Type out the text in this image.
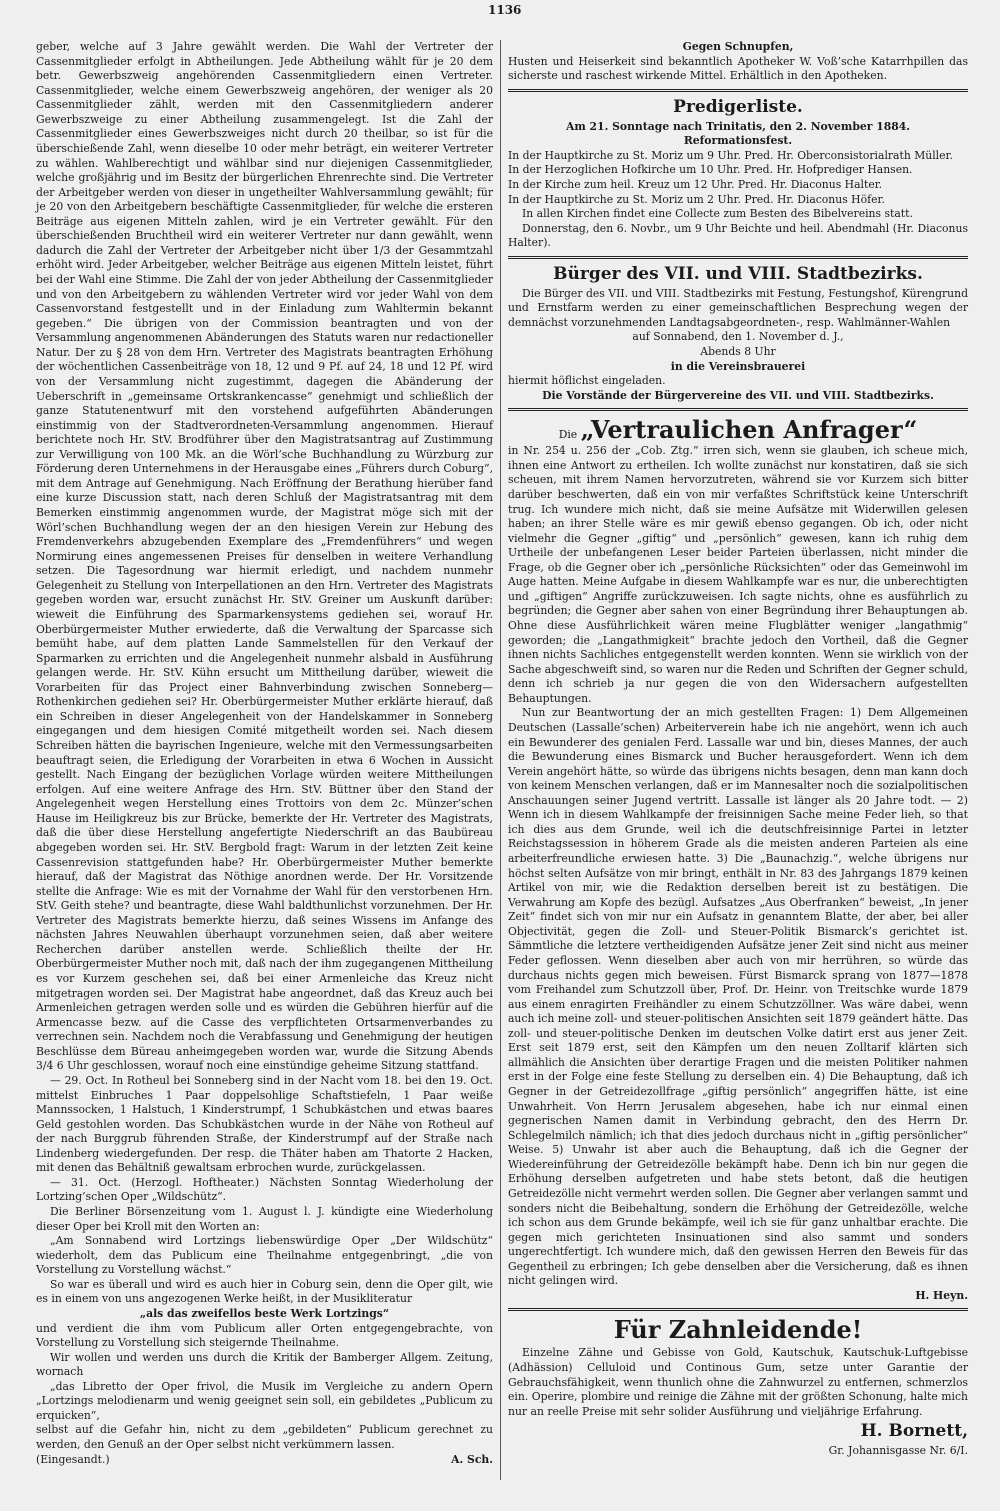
1136

geber, welche auf 3 Jahre gewählt werden. Die Wahl der Vertreter der Cassenmitglieder erfolgt in Abtheilungen. Jede Abtheilung wählt für je 20 dem betr. Gewerbszweig angehörenden Cassenmitgliedern einen Vertreter. Cassenmitglieder, welche einem Gewerbszweig angehören, der weniger als 20 Cassenmitglieder zählt, werden mit den Cassenmitgliedern anderer Gewerbszweige zu einer Abtheilung zusammengelegt. Ist die Zahl der Cassenmitglieder eines Gewerbszweiges nicht durch 20 theilbar, so ist für die überschießende Zahl, wenn dieselbe 10 oder mehr beträgt, ein weiterer Vertreter zu wählen. Wahlberechtigt und wählbar sind nur diejenigen Cassenmitglieder, welche großjährig und im Besitz der bürgerlichen Ehrenrechte sind. Die Vertreter der Arbeitgeber werden von dieser in ungetheilter Wahlversammlung gewählt; für je 20 von den Arbeitgebern beschäftigte Cassenmitglieder, für welche die ersteren Beiträge aus eigenen Mitteln zahlen, wird je ein Vertreter gewählt. Für den überschießenden Bruchtheil wird ein weiterer Vertreter nur dann gewählt, wenn dadurch die Zahl der Vertreter der Arbeitgeber nicht über 1/3 der Gesammtzahl erhöht wird. Jeder Arbeitgeber, welcher Beiträge aus eigenen Mitteln leistet, führt bei der Wahl eine Stimme. Die Zahl der von jeder Abtheilung der Cassenmitglieder und von den Arbeitgebern zu wählenden Vertreter wird vor jeder Wahl von dem Cassenvorstand festgestellt und in der Einladung zum Wahltermin bekannt gegeben.“ Die übrigen von der Commission beantragten und von der Versammlung angenommenen Abänderungen des Statuts waren nur redactioneller Natur. Der zu § 28 von dem Hrn. Vertreter des Magistrats beantragten Erhöhung der wöchentlichen Cassenbeiträge von 18, 12 und 9 Pf. auf 24, 18 und 12 Pf. wird von der Versammlung nicht zugestimmt, dagegen die Abänderung der Ueberschrift in „gemeinsame Ortskrankencasse“ genehmigt und schließlich der ganze Statutenentwurf mit den vorstehend aufgeführten Abänderungen einstimmig von der Stadtverordneten-Versammlung angenommen. Hierauf berichtete noch Hr. StV. Brodführer über den Magistratsantrag auf Zustimmung zur Verwilligung von 100 Mk. an die Wörl’sche Buchhandlung zu Würzburg zur Förderung deren Unternehmens in der Herausgabe eines „Führers durch Coburg“, mit dem Antrage auf Genehmigung. Nach Eröffnung der Berathung hierüber fand eine kurze Discussion statt, nach deren Schluß der Magistratsantrag mit dem Bemerken einstimmig angenommen wurde, der Magistrat möge sich mit der Wörl’schen Buchhandlung wegen der an den hiesigen Verein zur Hebung des Fremdenverkehrs abzugebenden Exemplare des „Fremdenführers“ und wegen Normirung eines angemessenen Preises für denselben in weitere Verhandlung setzen. Die Tagesordnung war hiermit erledigt, und nachdem nunmehr Gelegenheit zu Stellung von Interpellationen an den Hrn. Vertreter des Magistrats gegeben worden war, ersucht zunächst Hr. StV. Greiner um Auskunft darüber: wieweit die Einführung des Sparmarkensystems gediehen sei, worauf Hr. Oberbürgermeister Muther erwiederte, daß die Verwaltung der Sparcasse sich bemüht habe, auf dem platten Lande Sammelstellen für den Verkauf der Sparmarken zu errichten und die Angelegenheit nunmehr alsbald in Ausführung gelangen werde. Hr. StV. Kühn ersucht um Mittheilung darüber, wieweit die Vorarbeiten für das Project einer Bahnverbindung zwischen Sonneberg—Rothenkirchen gediehen sei? Hr. Oberbürgermeister Muther erklärte hierauf, daß ein Schreiben in dieser Angelegenheit von der Handelskammer in Sonneberg eingegangen und dem hiesigen Comité mitgetheilt worden sei. Nach diesem Schreiben hätten die bayrischen Ingenieure, welche mit den Vermessungsarbeiten beauftragt seien, die Erledigung der Vorarbeiten in etwa 6 Wochen in Aussicht gestellt. Nach Eingang der bezüglichen Vorlage würden weitere Mittheilungen erfolgen. Auf eine weitere Anfrage des Hrn. StV. Büttner über den Stand der Angelegenheit wegen Herstellung eines Trottoirs von dem 2c. Münzer’schen Hause im Heiligkreuz bis zur Brücke, bemerkte der Hr. Vertreter des Magistrats, daß die über diese Herstellung angefertigte Niederschrift an das Baubüreau abgegeben worden sei. Hr. StV. Bergbold fragt: Warum in der letzten Zeit keine Cassenrevision stattgefunden habe? Hr. Oberbürgermeister Muther bemerkte hierauf, daß der Magistrat das Nöthige anordnen werde. Der Hr. Vorsitzende stellte die Anfrage: Wie es mit der Vornahme der Wahl für den verstorbenen Hrn. StV. Geith stehe? und beantragte, diese Wahl baldthunlichst vorzunehmen. Der Hr. Vertreter des Magistrats bemerkte hierzu, daß seines Wissens im Anfange des nächsten Jahres Neuwahlen überhaupt vorzunehmen seien, daß aber weitere Recherchen darüber anstellen werde. Schließlich theilte der Hr. Oberbürgermeister Muther noch mit, daß nach der ihm zugegangenen Mittheilung es vor Kurzem geschehen sei, daß bei einer Armenleiche das Kreuz nicht mitgetragen worden sei. Der Magistrat habe angeordnet, daß das Kreuz auch bei Armenleichen getragen werden solle und es würden die Gebühren hierfür auf die Armencasse bezw. auf die Casse des verpflichteten Ortsarmenverbandes zu verrechnen sein. Nachdem noch die Verabfassung und Genehmigung der heutigen Beschlüsse dem Büreau anheimgegeben worden war, wurde die Sitzung Abends 3/4 6 Uhr geschlossen, worauf noch eine einstündige geheime Sitzung stattfand.

— 29. Oct. In Rotheul bei Sonneberg sind in der Nacht vom 18. bei den 19. Oct. mittelst Einbruches 1 Paar doppelsohlige Schaftstiefeln, 1 Paar weiße Mannssocken, 1 Halstuch, 1 Kinderstrumpf, 1 Schubkästchen und etwas baares Geld gestohlen worden. Das Schubkästchen wurde in der Nähe von Rotheul auf der nach Burggrub führenden Straße, der Kinderstrumpf auf der Straße nach Lindenberg wiedergefunden. Der resp. die Thäter haben am Thatorte 2 Hacken, mit denen das Behältniß gewaltsam erbrochen wurde, zurückgelassen.

— 31. Oct. (Herzogl. Hoftheater.) Nächsten Sonntag Wiederholung der Lortzing’schen Oper „Wildschütz“.

Die Berliner Börsenzeitung vom 1. August l. J. kündigte eine Wiederholung dieser Oper bei Kroll mit den Worten an:

„Am Sonnabend wird Lortzings liebenswürdige Oper „Der Wildschütz“ wiederholt, dem das Publicum eine Theilnahme entgegenbringt, „die von Vorstellung zu Vorstellung wächst.“

So war es überall und wird es auch hier in Coburg sein, denn die Oper gilt, wie es in einem von uns angezogenen Werke heißt, in der Musikliteratur

„als das zweifellos beste Werk Lortzings“

und verdient die ihm vom Publicum aller Orten entgegengebrachte, von Vorstellung zu Vorstellung sich steigernde Theilnahme.

Wir wollen und werden uns durch die Kritik der Bamberger Allgem. Zeitung, wornach

„das Libretto der Oper frivol, die Musik im Vergleiche zu andern Opern „Lortzings melodienarm und wenig geeignet sein soll, ein gebildetes „Publicum zu erquicken“,

selbst auf die Gefahr hin, nicht zu dem „gebildeten“ Publicum gerechnet zu werden, den Genuß an der Oper selbst nicht verkümmern lassen.

(Eingesandt.)	A. Sch.

Gegen Schnupfen,

Husten und Heiserkeit sind bekanntlich Apotheker W. Voß’sche Katarrhpillen das sicherste und raschest wirkende Mittel. Erhältlich in den Apotheken.

Predigerliste.

Am 21. Sonntage nach Trinitatis, den 2. November 1884.

Reformationsfest.

In der Hauptkirche zu St. Moriz um 9 Uhr. Pred. Hr. Oberconsistorialrath Müller.

In der Herzoglichen Hofkirche um 10 Uhr. Pred. Hr. Hofprediger Hansen.

In der Kirche zum heil. Kreuz um 12 Uhr. Pred. Hr. Diaconus Halter.

In der Hauptkirche zu St. Moriz um 2 Uhr. Pred. Hr. Diaconus Höfer.

In allen Kirchen findet eine Collecte zum Besten des Bibelvereins statt.

Donnerstag, den 6. Novbr., um 9 Uhr Beichte und heil. Abendmahl (Hr. Diaconus Halter).

Bürger des VII. und VIII. Stadtbezirks.

Die Bürger des VII. und VIII. Stadtbezirks mit Festung, Festungshof, Kürengrund und Ernstfarm werden zu einer gemeinschaftlichen Besprechung wegen der demnächst vorzunehmenden Landtagsabgeordneten-, resp. Wahlmänner-Wahlen

auf Sonnabend, den 1. November d. J.,

Abends 8 Uhr

in die Vereinsbrauerei

hiermit höflichst eingeladen.

Die Vorstände der Bürgervereine des VII. und VIII. Stadtbezirks.

Die „Vertraulichen Anfrager“

in Nr. 254 u. 256 der „Cob. Ztg.“ irren sich, wenn sie glauben, ich scheue mich, ihnen eine Antwort zu ertheilen. Ich wollte zunächst nur konstatiren, daß sie sich scheuen, mit ihrem Namen hervorzutreten, während sie vor Kurzem sich bitter darüber beschwerten, daß ein von mir verfaßtes Schriftstück keine Unterschrift trug. Ich wundere mich nicht, daß sie meine Aufsätze mit Widerwillen gelesen haben; an ihrer Stelle wäre es mir gewiß ebenso gegangen. Ob ich, oder nicht vielmehr die Gegner „giftig“ und „persönlich“ gewesen, kann ich ruhig dem Urtheile der unbefangenen Leser beider Parteien überlassen, nicht minder die Frage, ob die Gegner ober ich „persönliche Rücksichten“ oder das Gemeinwohl im Auge hatten. Meine Aufgabe in diesem Wahlkampfe war es nur, die unberechtigten und „giftigen“ Angriffe zurückzuweisen. Ich sagte nichts, ohne es ausführlich zu begründen; die Gegner aber sahen von einer Begründung ihrer Behauptungen ab. Ohne diese Ausführlichkeit wären meine Flugblätter weniger „langathmig“ geworden; die „Langathmigkeit“ brachte jedoch den Vortheil, daß die Gegner ihnen nichts Sachliches entgegenstellt werden konnten. Wenn sie wirklich von der Sache abgeschweift sind, so waren nur die Reden und Schriften der Gegner schuld, denn ich schrieb ja nur gegen die von den Widersachern aufgestellten Behauptungen.

Nun zur Beantwortung der an mich gestellten Fragen: 1) Dem Allgemeinen Deutschen (Lassalle’schen) Arbeiterverein habe ich nie angehört, wenn ich auch ein Bewunderer des genialen Ferd. Lassalle war und bin, dieses Mannes, der auch die Bewunderung eines Bismarck und Bucher herausgefordert. Wenn ich dem Verein angehört hätte, so würde das übrigens nichts besagen, denn man kann doch von keinem Menschen verlangen, daß er im Mannesalter noch die sozialpolitischen Anschauungen seiner Jugend vertritt. Lassalle ist länger als 20 Jahre todt. — 2) Wenn ich in diesem Wahlkampfe der freisinnigen Sache meine Feder lieh, so that ich dies aus dem Grunde, weil ich die deutschfreisinnige Partei in letzter Reichstagssession in höherem Grade als die meisten anderen Parteien als eine arbeiterfreundliche erwiesen hatte. 3) Die „Baunachzig.“, welche übrigens nur höchst selten Aufsätze von mir bringt, enthält in Nr. 83 des Jahrgangs 1879 keinen Artikel von mir, wie die Redaktion derselben bereit ist zu bestätigen. Die Verwahrung am Kopfe des bezügl. Aufsatzes „Aus Oberfranken“ beweist, „In jener Zeit“ findet sich von mir nur ein Aufsatz in genanntem Blatte, der aber, bei aller Objectivität, gegen die Zoll- und Steuer-Politik Bismarck’s gerichtet ist. Sämmtliche die letztere vertheidigenden Aufsätze jener Zeit sind nicht aus meiner Feder geflossen. Wenn dieselben aber auch von mir herrühren, so würde das durchaus nichts gegen mich beweisen. Fürst Bismarck sprang von 1877—1878 vom Freihandel zum Schutzzoll über, Prof. Dr. Heinr. von Treitschke wurde 1879 aus einem enragirten Freihändler zu einem Schutzzöllner. Was wäre dabei, wenn auch ich meine zoll- und steuer-politischen Ansichten seit 1879 geändert hätte. Das zoll- und steuer-politische Denken im deutschen Volke datirt erst aus jener Zeit. Erst seit 1879 erst, seit den Kämpfen um den neuen Zolltarif klärten sich allmählich die Ansichten über derartige Fragen und die meisten Politiker nahmen erst in der Folge eine feste Stellung zu derselben ein. 4) Die Behauptung, daß ich Gegner in der Getreidezollfrage „giftig persönlich“ angegriffen hätte, ist eine Unwahrheit. Von Herrn Jerusalem abgesehen, habe ich nur einmal einen gegnerischen Namen damit in Verbindung gebracht, den des Herrn Dr. Schlegelmilch nämlich; ich that dies jedoch durchaus nicht in „giftig persönlicher“ Weise. 5) Unwahr ist aber auch die Behauptung, daß ich die Gegner der Wiedereinführung der Getreidezölle bekämpft habe. Denn ich bin nur gegen die Erhöhung derselben aufgetreten und habe stets betont, daß die heutigen Getreidezölle nicht vermehrt werden sollen. Die Gegner aber verlangen sammt und sonders nicht die Beibehaltung, sondern die Erhöhung der Getreidezölle, welche ich schon aus dem Grunde bekämpfe, weil ich sie für ganz unhaltbar erachte. Die gegen mich gerichteten Insinuationen sind also sammt und sonders ungerechtfertigt. Ich wundere mich, daß den gewissen Herren den Beweis für das Gegentheil zu erbringen; Ich gebe denselben aber die Versicherung, daß es ihnen nicht gelingen wird.

H. Heyn.

Für Zahnleidende!

Einzelne Zähne und Gebisse von Gold, Kautschuk, Kautschuk-Luftgebisse (Adhässion) Celluloid und Continous Gum, setze unter Garantie der Gebrauchsfähigkeit, wenn thunlich ohne die Zahnwurzel zu entfernen, schmerzlos ein. Operire, plombire und reinige die Zähne mit der größten Schonung, halte mich nur an reelle Preise mit sehr solider Ausführung und vieljährige Erfahrung.

H. Bornett,

Gr. Johannisgasse Nr. 6/I.
